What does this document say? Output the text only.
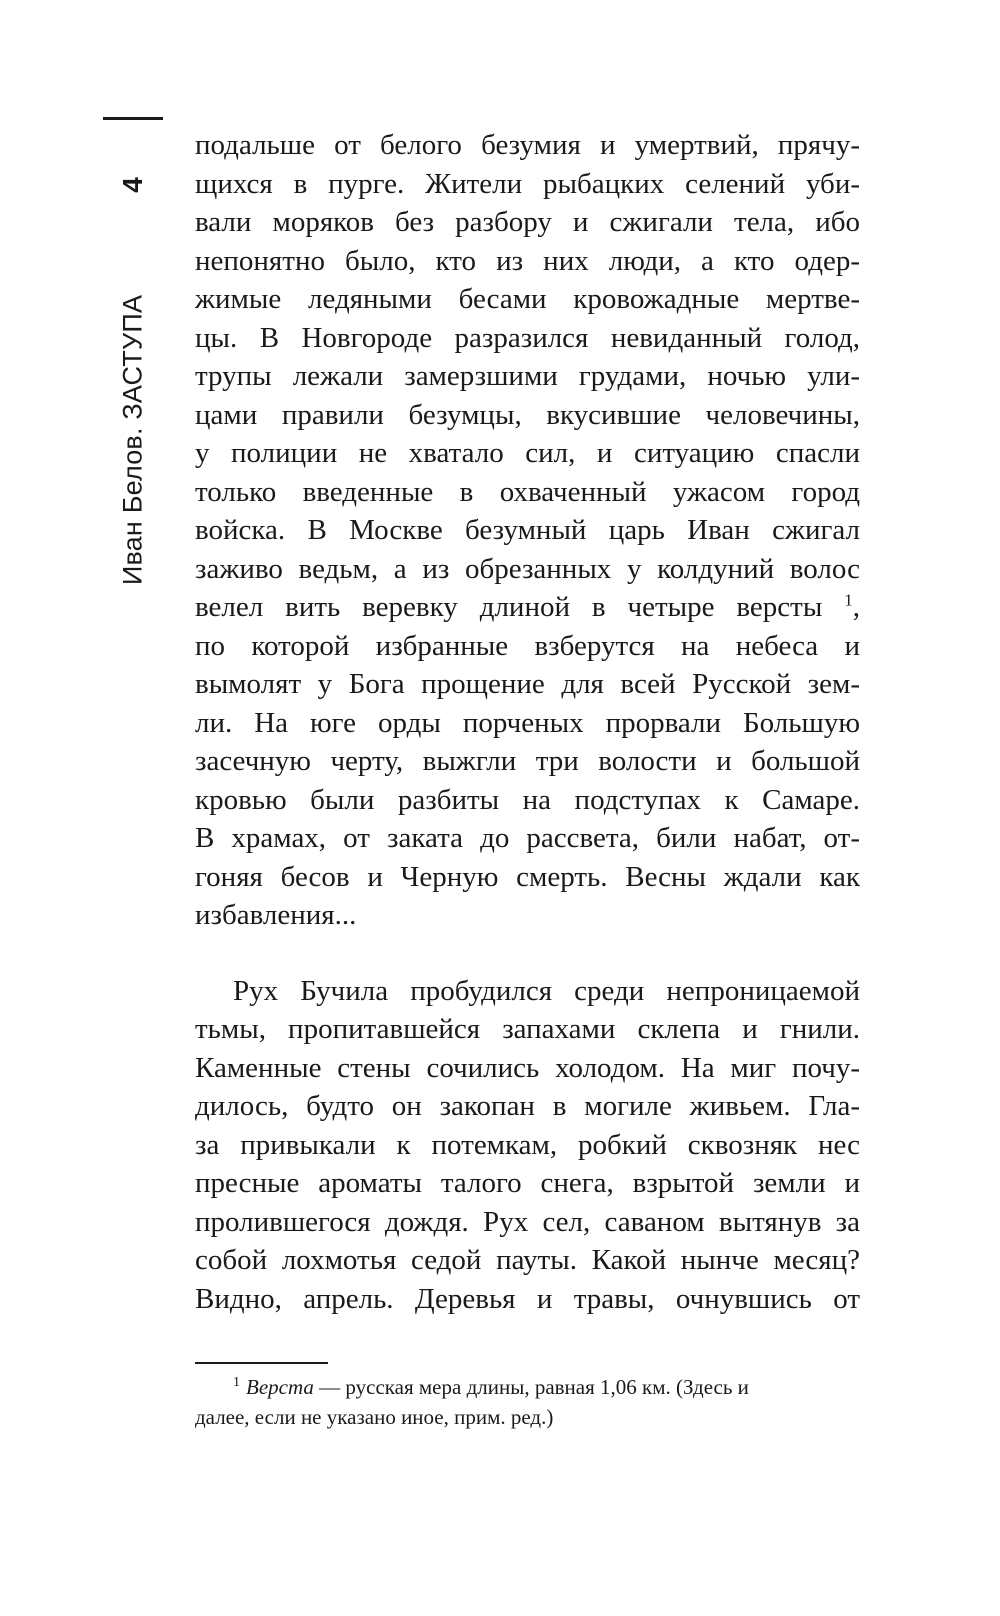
4
Иван Белов. ЗАСТУПА
подальше от белого безумия и умертвий, прячу-
щихся в пурге. Жители рыбацких селений уби-
вали моряков без разбору и сжигали тела, ибо
непонятно было, кто из них люди, а кто одер-
жимые ледяными бесами кровожадные мертве-
цы. В Новгороде разразился невиданный голод,
трупы лежали замерзшими грудами, ночью ули-
цами правили безумцы, вкусившие человечины,
у полиции не хватало сил, и ситуацию спасли
только введенные в охваченный ужасом город
войска. В Москве безумный царь Иван сжигал
заживо ведьм, а из обрезанных у колдуний волос
велел вить веревку длиной в четыре версты $^1$,
по которой избранные взберутся на небеса и
вымолят у Бога прощение для всей Русской зем-
ли. На юге орды порченых прорвали Большую
засечную черту, выжгли три волости и большой
кровью были разбиты на подступах к Самаре.
В храмах, от заката до рассвета, били набат, от-
гоняя бесов и Черную смерть. Весны ждали как
избавления...
Рух Бучила пробудился среди непроницаемой
тьмы, пропитавшейся запахами склепа и гнили.
Каменные стены сочились холодом. На миг почу-
дилось, будто он закопан в могиле живьем. Гла-
за привыкали к потемкам, робкий сквозняк нес
пресные ароматы талого снега, взрытой земли и
пролившегося дождя. Рух сел, саваном вытянув за
собой лохмотья седой пауты. Какой нынче месяц?
Видно, апрель. Деревья и травы, очнувшись от
$^1$ Верста — русская мера длины, равная 1,06 км. (Здесь и
далее, если не указано иное, прим. ред.)
